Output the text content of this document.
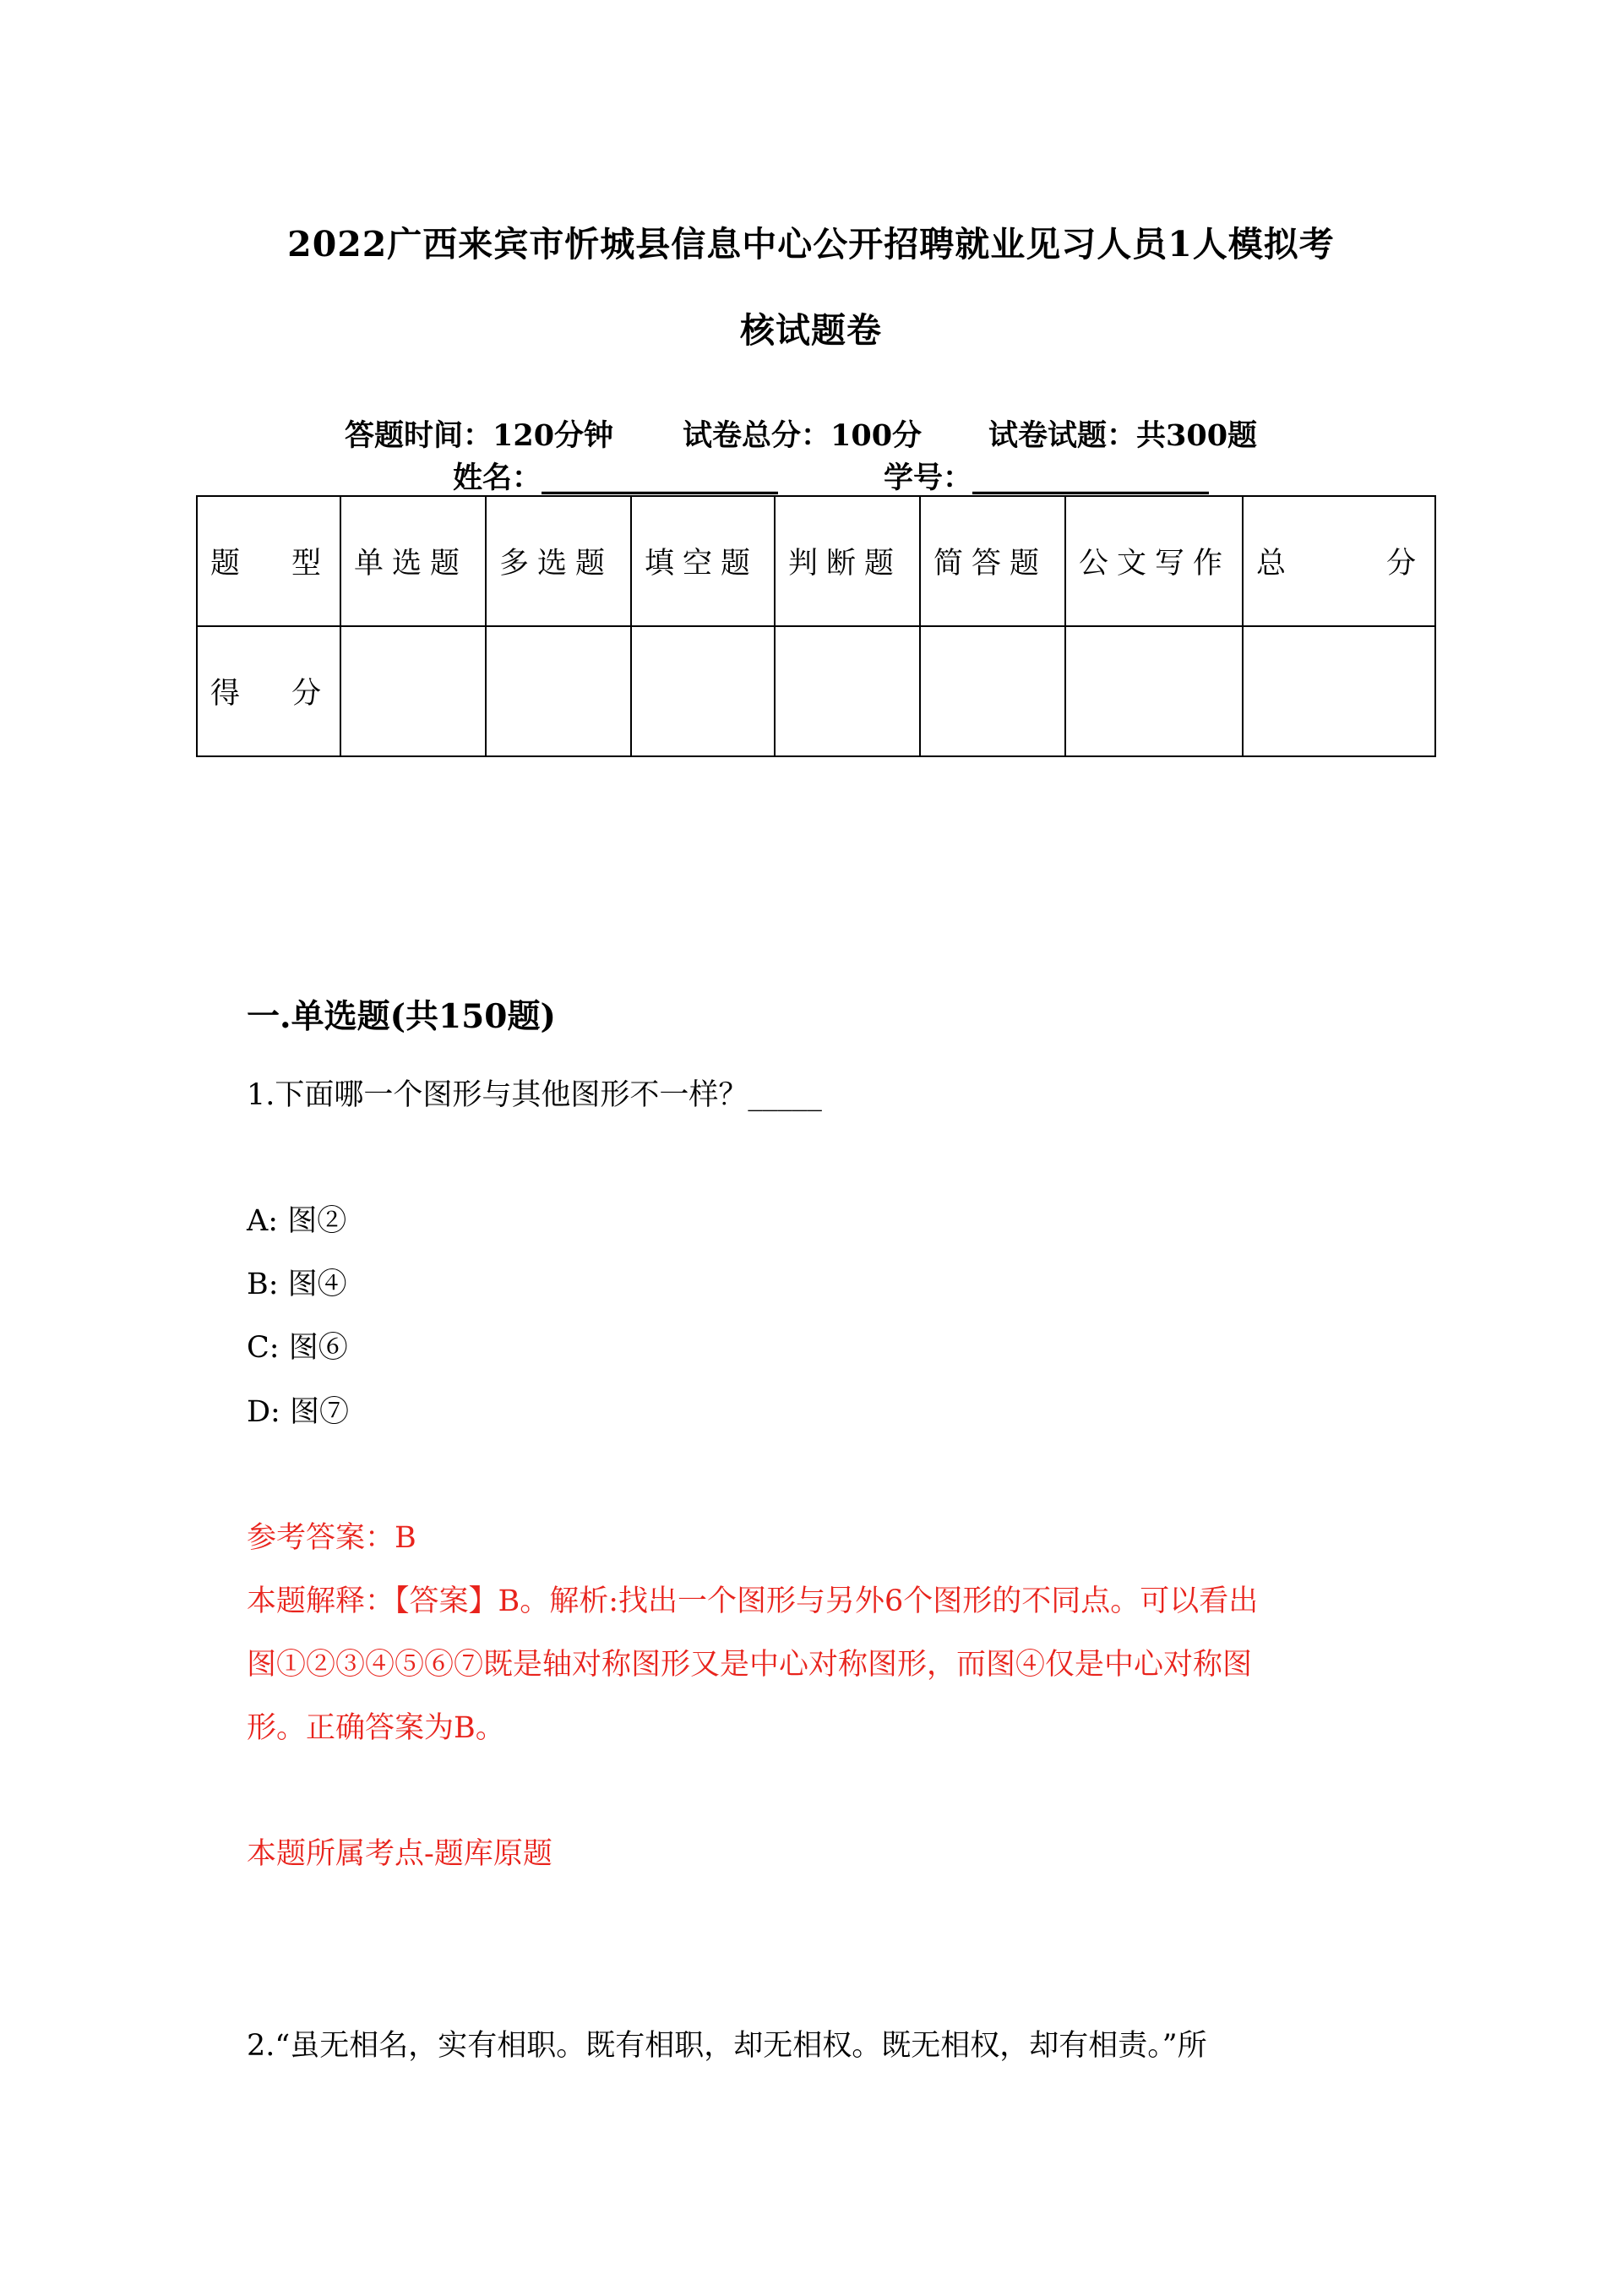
2022广西来宾市忻城县信息中心公开招聘就业见习人员1人模拟考
核试题卷
答题时间：120分钟 试卷总分：100分 试卷试题：共300题
姓名：________________	学号：________________
题 型	单选题	多选题	填空题	判断题	简答题	公文写作	总 分

得 分							

一.单选题(共150题)
1.下面哪一个图形与其他图形不一样？_____
A: 图②
B: 图④
C: 图⑥
D: 图⑦
参考答案：B
本题解释：【答案】B。解析:找出一个图形与另外6个图形的不同点。可以看出
图①②③④⑤⑥⑦既是轴对称图形又是中心对称图形，而图④仅是中心对称图
形。正确答案为B。
本题所属考点-题库原题
2.“虽无相名，实有相职。既有相职，却无相权。既无相权，却有相责。”所
